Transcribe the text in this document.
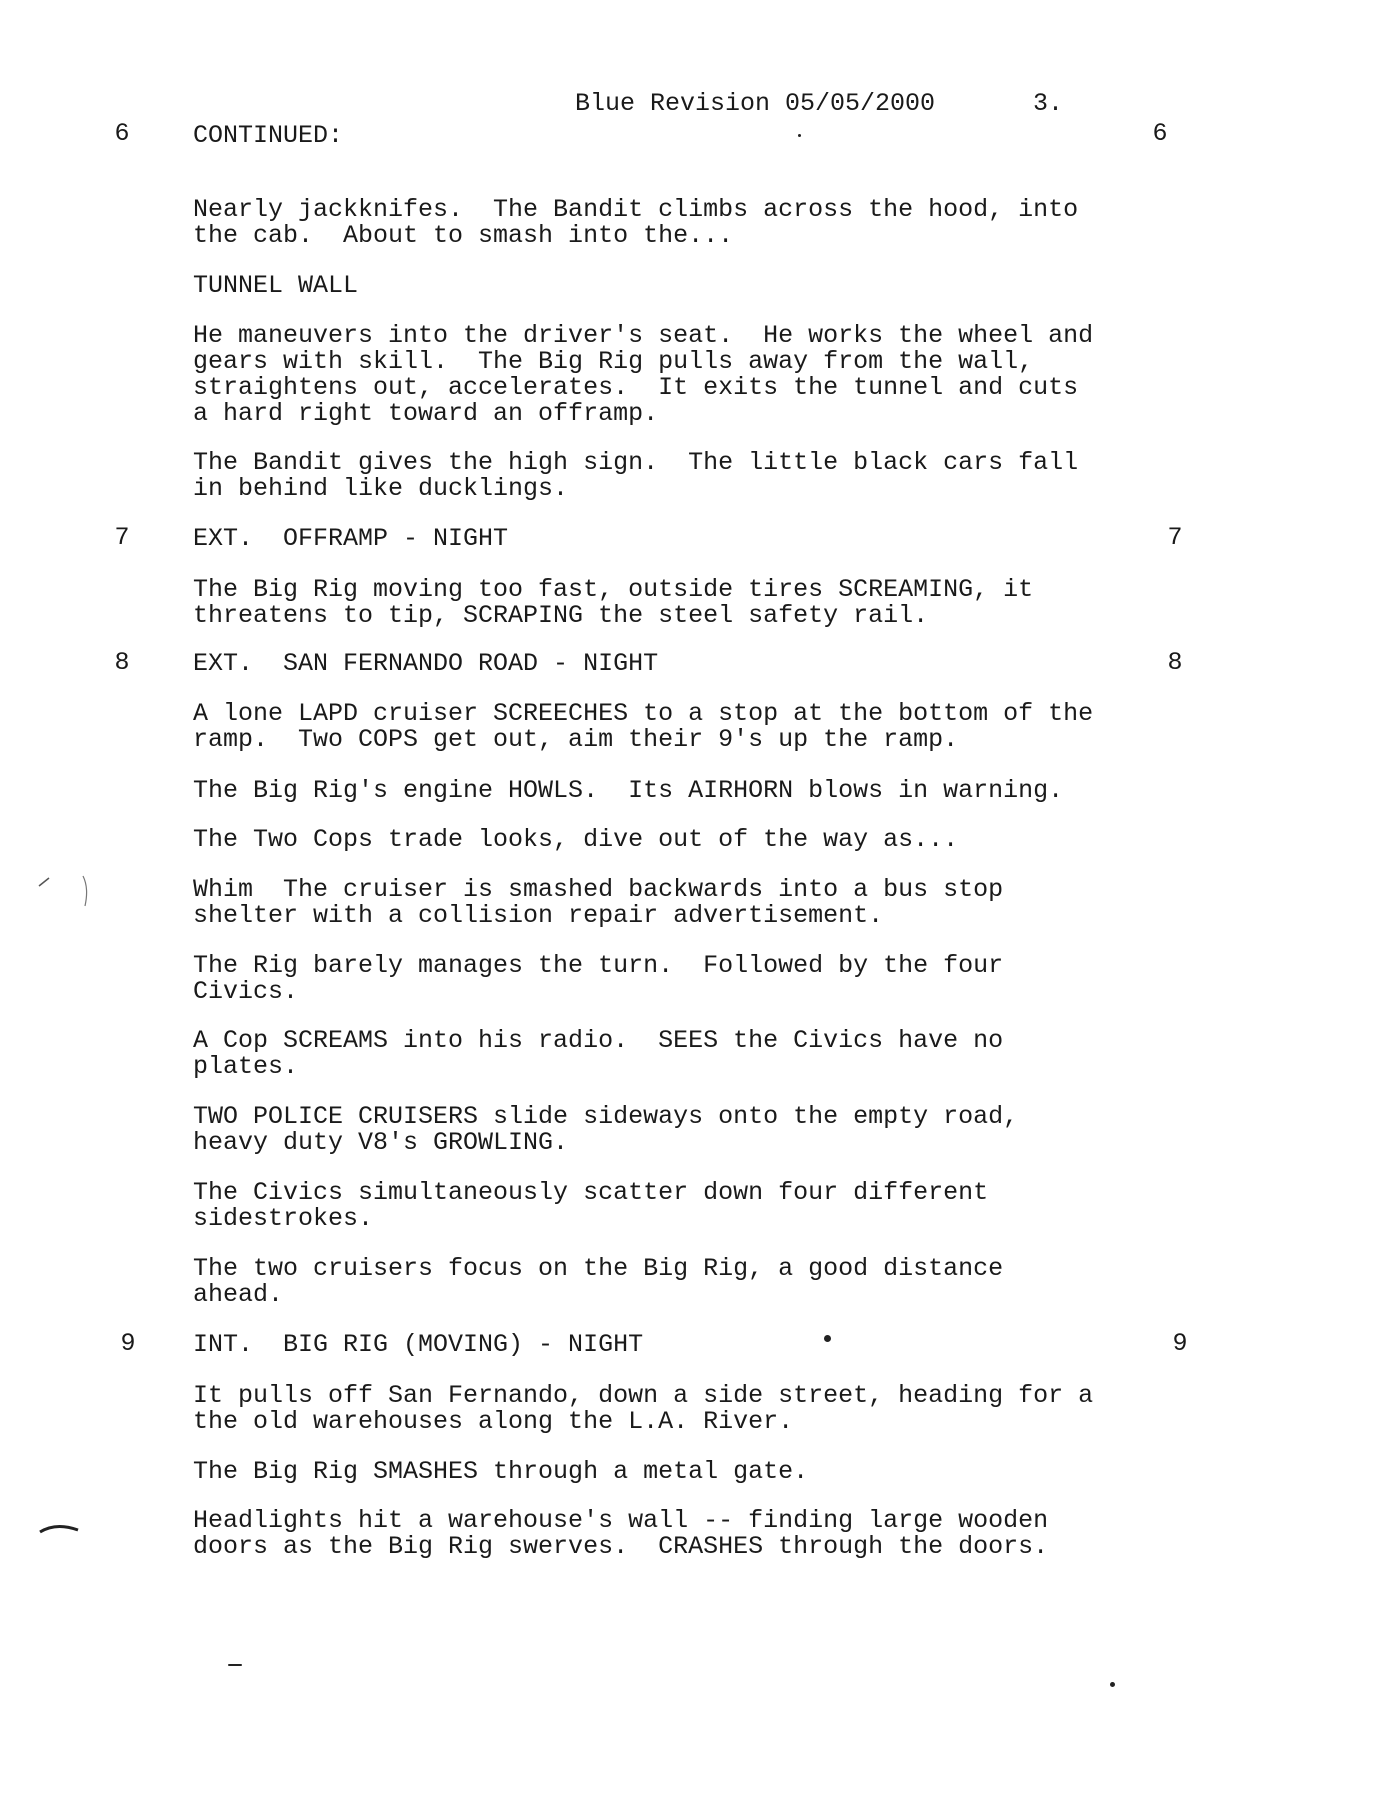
Blue Revision 05/05/2000	3.
6	CONTINUED:	6
Nearly jackknifes.  The Bandit climbs across the hood, into
the cab.  About to smash into the...
TUNNEL WALL
He maneuvers into the driver's seat.  He works the wheel and
gears with skill.  The Big Rig pulls away from the wall,
straightens out, accelerates.  It exits the tunnel and cuts
a hard right toward an offramp.
The Bandit gives the high sign.  The little black cars fall
in behind like ducklings.
7	EXT.  OFFRAMP - NIGHT	7
The Big Rig moving too fast, outside tires SCREAMING, it
threatens to tip, SCRAPING the steel safety rail.
8	EXT.  SAN FERNANDO ROAD - NIGHT	8
A lone LAPD cruiser SCREECHES to a stop at the bottom of the
ramp.  Two COPS get out, aim their 9's up the ramp.
The Big Rig's engine HOWLS.  Its AIRHORN blows in warning.
The Two Cops trade looks, dive out of the way as...
Whim  The cruiser is smashed backwards into a bus stop
shelter with a collision repair advertisement.
The Rig barely manages the turn.  Followed by the four
Civics.
A Cop SCREAMS into his radio.  SEES the Civics have no
plates.
TWO POLICE CRUISERS slide sideways onto the empty road,
heavy duty V8's GROWLING.
The Civics simultaneously scatter down four different
sidestrokes.
The two cruisers focus on the Big Rig, a good distance
ahead.
9	INT.  BIG RIG (MOVING) - NIGHT	9
It pulls off San Fernando, down a side street, heading for a
the old warehouses along the L.A. River.
The Big Rig SMASHES through a metal gate.
Headlights hit a warehouse's wall -- finding large wooden
doors as the Big Rig swerves.  CRASHES through the doors.
